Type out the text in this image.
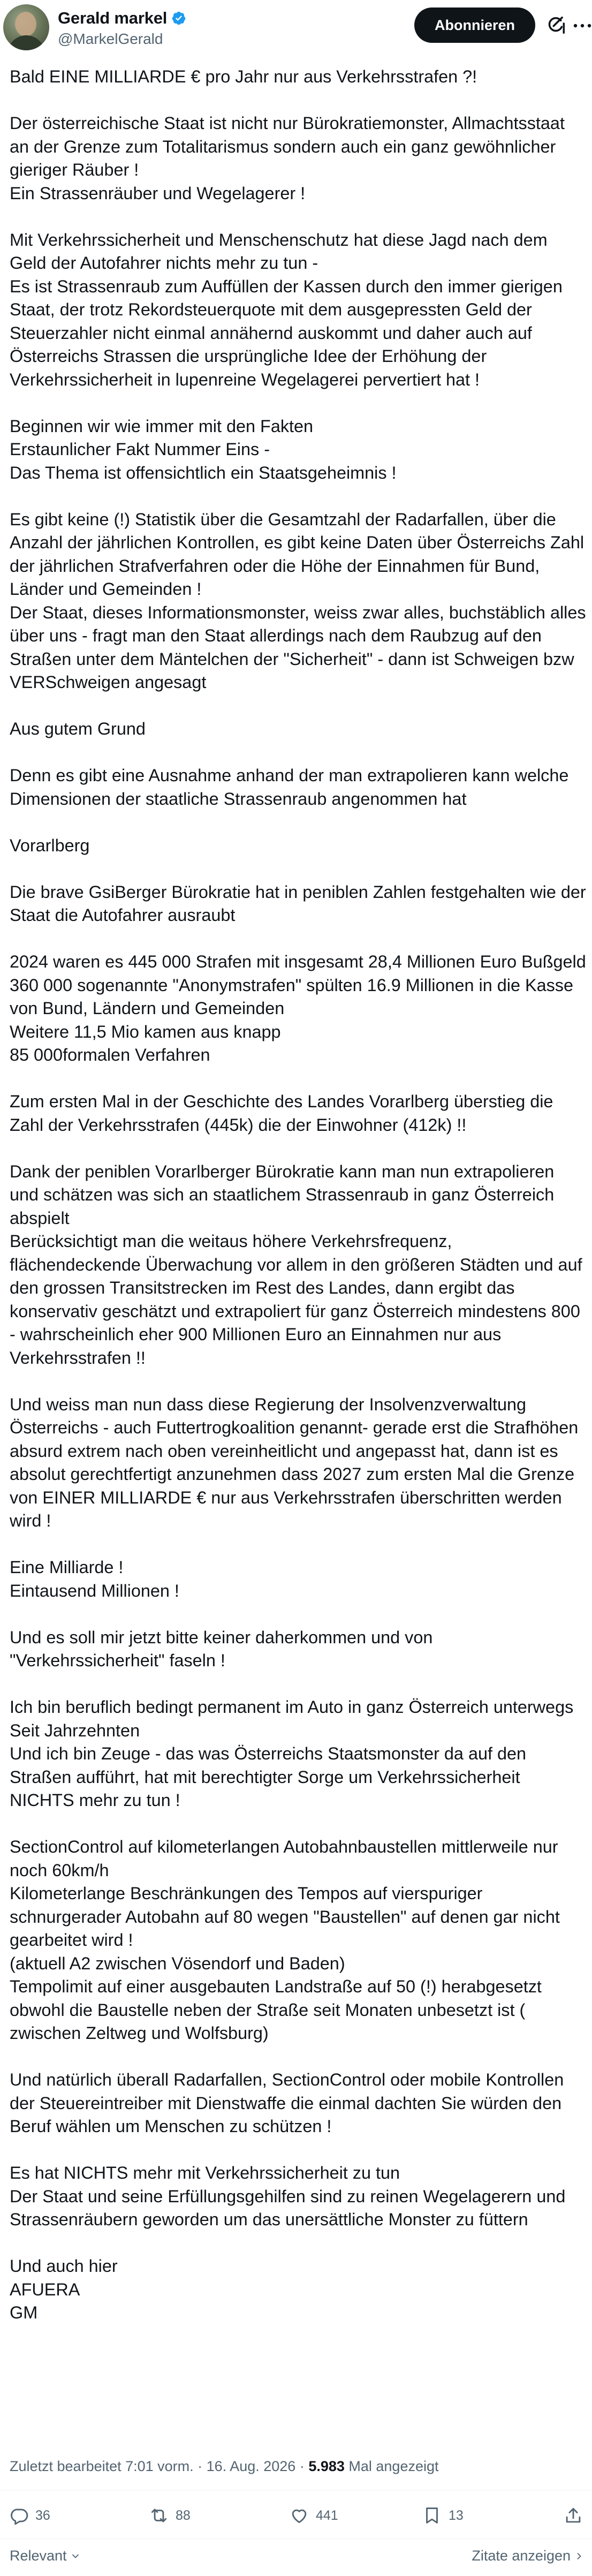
Gerald markel
@MarkelGerald
Abonnieren

Bald EINE MILLIARDE € pro Jahr nur aus Verkehrsstrafen ?!

Der österreichische Staat ist nicht nur Bürokratiemonster, Allmachtsstaat an der Grenze zum Totalitarismus sondern auch ein ganz gewöhnlicher gieriger Räuber !
Ein Strassenräuber und Wegelagerer !

Mit Verkehrssicherheit und Menschenschutz hat diese Jagd nach dem Geld der Autofahrer nichts mehr zu tun -
Es ist Strassenraub zum Auffüllen der Kassen durch den immer gierigen Staat, der trotz Rekordsteuerquote mit dem ausgepressten Geld der Steuerzahler nicht einmal annähernd auskommt und daher auch auf Österreichs Strassen die ursprüngliche Idee der Erhöhung der Verkehrssicherheit in lupenreine Wegelagerei pervertiert hat !

Beginnen wir wie immer mit den Fakten
Erstaunlicher Fakt Nummer Eins -
Das Thema ist offensichtlich ein Staatsgeheimnis !

Es gibt keine (!) Statistik über die Gesamtzahl der Radarfallen, über die Anzahl der jährlichen Kontrollen, es gibt keine Daten über Österreichs Zahl der jährlichen Strafverfahren oder die Höhe der Einnahmen für Bund, Länder und Gemeinden !
Der Staat, dieses Informationsmonster, weiss zwar alles, buchstäblich alles über uns - fragt man den Staat allerdings nach dem Raubzug auf den Straßen unter dem Mäntelchen der "Sicherheit" - dann ist Schweigen bzw VERSchweigen angesagt

Aus gutem Grund

Denn es gibt eine Ausnahme anhand der man extrapolieren kann welche Dimensionen der staatliche Strassenraub angenommen hat

Vorarlberg

Die brave GsiBerger Bürokratie hat in peniblen Zahlen festgehalten wie der Staat die Autofahrer ausraubt

2024 waren es 445 000 Strafen mit insgesamt 28,4 Millionen Euro Bußgeld
360 000 sogenannte "Anonymstrafen" spülten 16.9 Millionen in die Kasse von Bund, Ländern und Gemeinden
Weitere 11,5 Mio kamen aus knapp
85 000formalen Verfahren

Zum ersten Mal in der Geschichte des Landes Vorarlberg überstieg die Zahl der Verkehrsstrafen (445k) die der Einwohner (412k) !!

Dank der peniblen Vorarlberger Bürokratie kann man nun extrapolieren und schätzen was sich an staatlichem Strassenraub in ganz Österreich abspielt
Berücksichtigt man die weitaus höhere Verkehrsfrequenz, flächendeckende Überwachung vor allem in den größeren Städten und auf den grossen Transitstrecken im Rest des Landes, dann ergibt das konservativ geschätzt und extrapoliert für ganz Österreich mindestens 800 - wahrscheinlich eher 900 Millionen Euro an Einnahmen nur aus Verkehrsstrafen !!

Und weiss man nun dass diese Regierung der Insolvenzverwaltung Österreichs - auch Futtertrogkoalition genannt- gerade erst die Strafhöhen absurd extrem nach oben vereinheitlicht und angepasst hat, dann ist es absolut gerechtfertigt anzunehmen dass 2027 zum ersten Mal die Grenze von EINER MILLIARDE € nur aus Verkehrsstrafen überschritten werden wird !

Eine Milliarde !
Eintausend Millionen !

Und es soll mir jetzt bitte keiner daherkommen und von "Verkehrssicherheit" faseln !

Ich bin beruflich bedingt permanent im Auto in ganz Österreich unterwegs
Seit Jahrzehnten
Und ich bin Zeuge - das was Österreichs Staatsmonster da auf den Straßen aufführt, hat mit berechtigter Sorge um Verkehrssicherheit NICHTS mehr zu tun !

SectionControl auf kilometerlangen Autobahnbaustellen mittlerweile nur noch 60km/h
Kilometerlange Beschränkungen des Tempos auf vierspuriger schnurgerader Autobahn auf 80 wegen "Baustellen" auf denen gar nicht gearbeitet wird !
(aktuell A2 zwischen Vösendorf und Baden)
Tempolimit auf einer ausgebauten Landstraße auf 50 (!) herabgesetzt obwohl die Baustelle neben der Straße seit Monaten unbesetzt ist ( zwischen Zeltweg und Wolfsburg)

Und natürlich überall Radarfallen, SectionControl oder mobile Kontrollen der Steuereintreiber mit Dienstwaffe die einmal dachten Sie würden den Beruf wählen um Menschen zu schützen !

Es hat NICHTS mehr mit Verkehrssicherheit zu tun
Der Staat und seine Erfüllungsgehilfen sind zu reinen Wegelagerern und Strassenräubern geworden um das unersättliche Monster zu füttern

Und auch hier
AFUERA
GM

Zuletzt bearbeitet 7:01 vorm. · 16. Aug. 2026 · 5.983 Mal angezeigt
36	88	441	13
Relevant	Zitate anzeigen
